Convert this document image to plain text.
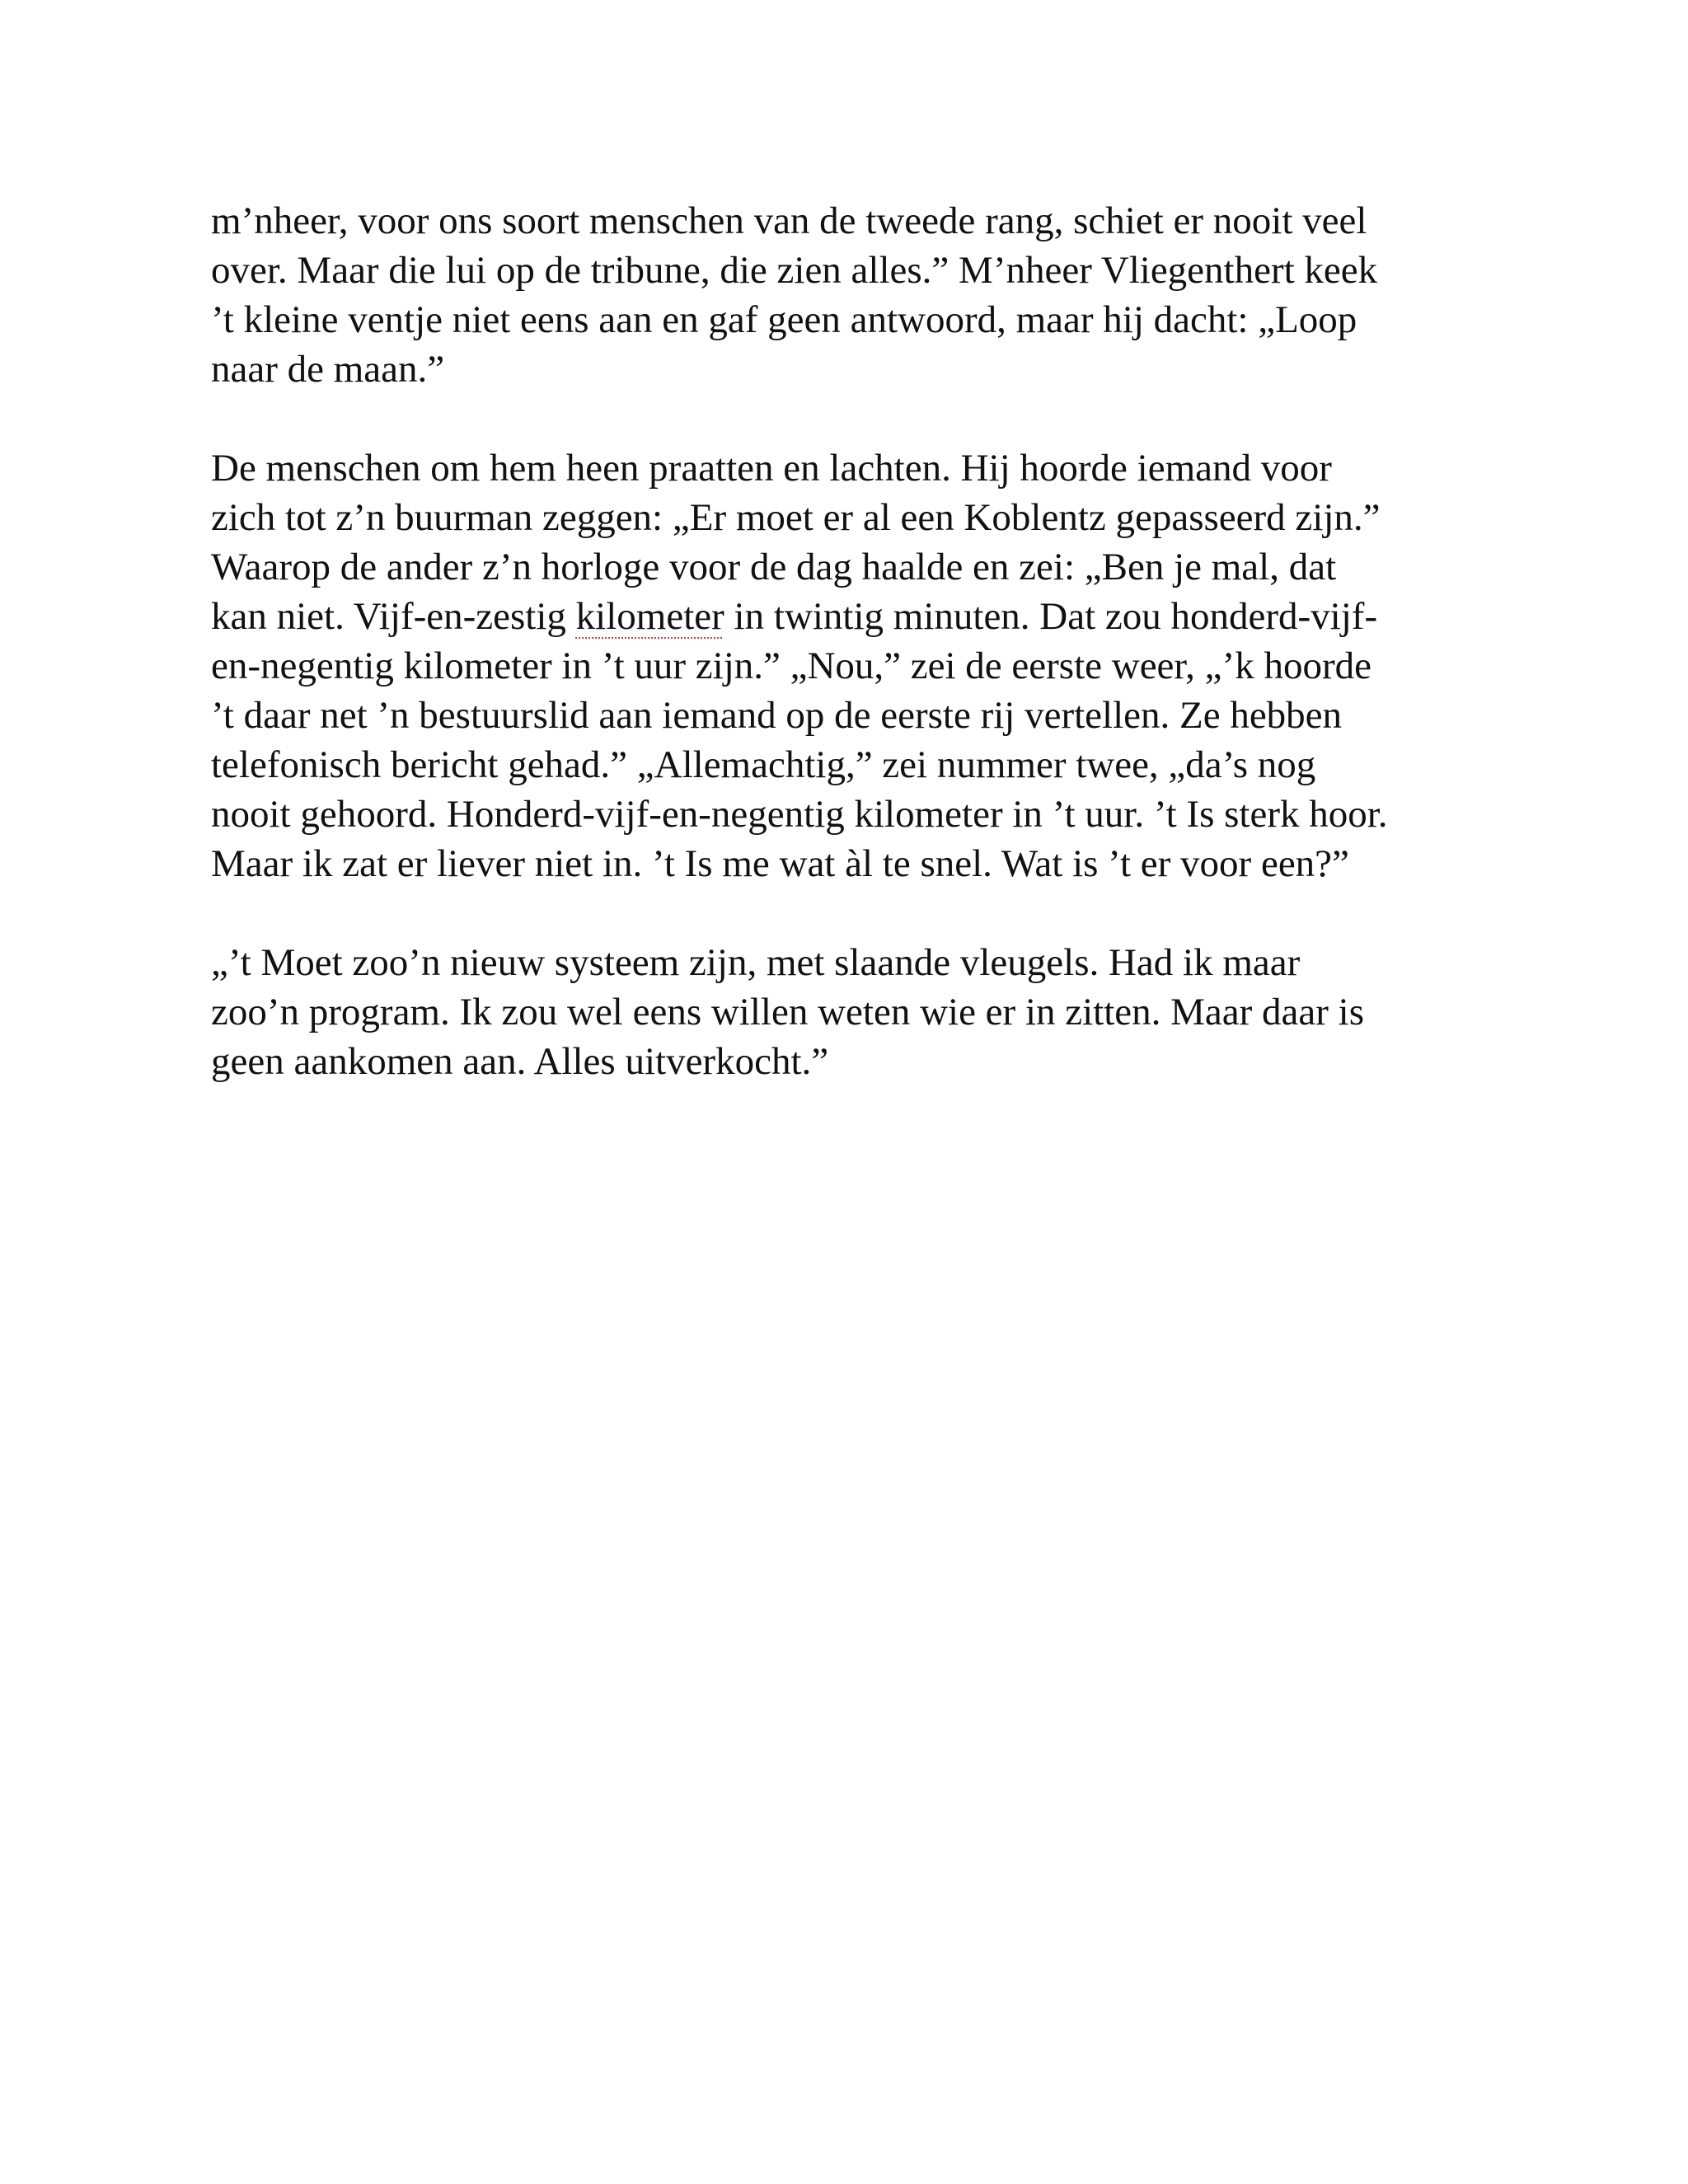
m’nheer, voor ons soort menschen van de tweede rang, schiet er nooit veel
over. Maar die lui op de tribune, die zien alles.” M’nheer Vliegenthert keek
’t kleine ventje niet eens aan en gaf geen antwoord, maar hij dacht: „Loop
naar de maan.”

De menschen om hem heen praatten en lachten. Hij hoorde iemand voor
zich tot z’n buurman zeggen: „Er moet er al een Koblentz gepasseerd zijn.”
Waarop de ander z’n horloge voor de dag haalde en zei: „Ben je mal, dat
kan niet. Vijf-en-zestig kilometer in twintig minuten. Dat zou honderd-vijf-
en-negentig kilometer in ’t uur zijn.” „Nou,” zei de eerste weer, „’k hoorde
’t daar net ’n bestuurslid aan iemand op de eerste rij vertellen. Ze hebben
telefonisch bericht gehad.” „Allemachtig,” zei nummer twee, „da’s nog
nooit gehoord. Honderd-vijf-en-negentig kilometer in ’t uur. ’t Is sterk hoor.
Maar ik zat er liever niet in. ’t Is me wat àl te snel. Wat is ’t er voor een?”

„’t Moet zoo’n nieuw systeem zijn, met slaande vleugels. Had ik maar
zoo’n program. Ik zou wel eens willen weten wie er in zitten. Maar daar is
geen aankomen aan. Alles uitverkocht.”
